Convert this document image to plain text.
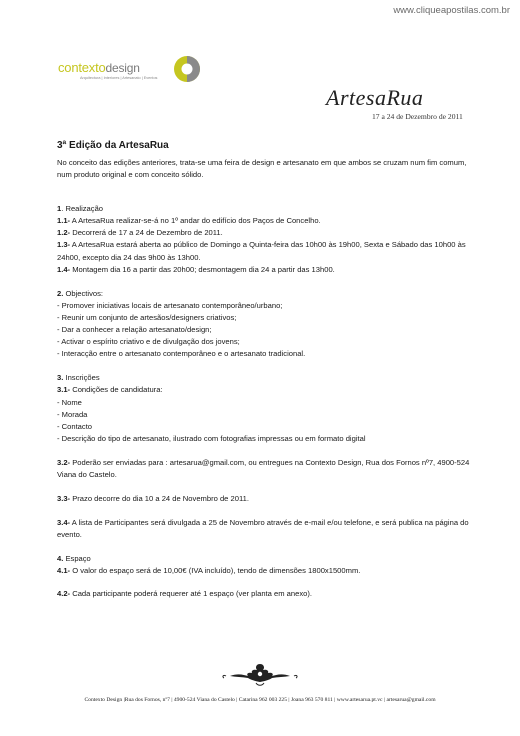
www.cliqueapostilas.com.br
contextodesign
Arquitectura | Interiores | Artesanato | Eventos
ArtesaRua
17 a 24 de Dezembro de 2011
3ª Edição da ArtesaRua

No conceito das edições anteriores, trata-se uma feira de design e artesanato em que ambos se cruzam num fim comum, num produto original e com conceito sólido.

1. Realização

1.1- A ArtesaRua realizar-se-á no 1º andar do edifício dos Paços de Concelho.

1.2- Decorrerá de 17 a 24 de Dezembro de 2011.

1.3- A ArtesaRua estará aberta ao público de Domingo a Quinta-feira das 10h00 às 19h00, Sexta e Sábado das 10h00 às 24h00, excepto dia 24 das 9h00 às 13h00.

1.4- Montagem dia 16 a partir das 20h00; desmontagem dia 24 a partir das 13h00.

2. Objectivos:

- Promover iniciativas locais de artesanato contemporâneo/urbano;

- Reunir um conjunto de artesãos/designers criativos;

- Dar a conhecer a relação artesanato/design;

- Activar o espírito criativo e de divulgação dos jovens;

- Interacção entre o artesanato contemporâneo e o artesanato tradicional.

3. Inscrições

3.1- Condições de candidatura:

- Nome

- Morada

- Contacto

- Descrição do tipo de artesanato, ilustrado com fotografias impressas ou em formato digital

3.2- Poderão ser enviadas para : artesarua@gmail.com, ou entregues na Contexto Design, Rua dos Fornos nº7, 4900-524 Viana do Castelo.

3.3- Prazo decorre do dia 10 a 24 de Novembro de 2011.

3.4- A lista de Participantes será divulgada a 25 de Novembro através de e-mail e/ou telefone, e será publica na página do evento.

4. Espaço

4.1- O valor do espaço será de 10,00€ (IVA incluído), tendo de dimensões 1800x1500mm.

4.2- Cada participante poderá requerer até 1 espaço (ver planta em anexo).

Contexto Design |Rua dos Fornos, nº7 | 4900-524 Viana do Castelo | Catarina 962 003 225 | Joana 963 570 811 | www.artesarua.pt.vc | artesarua@gmail.com
